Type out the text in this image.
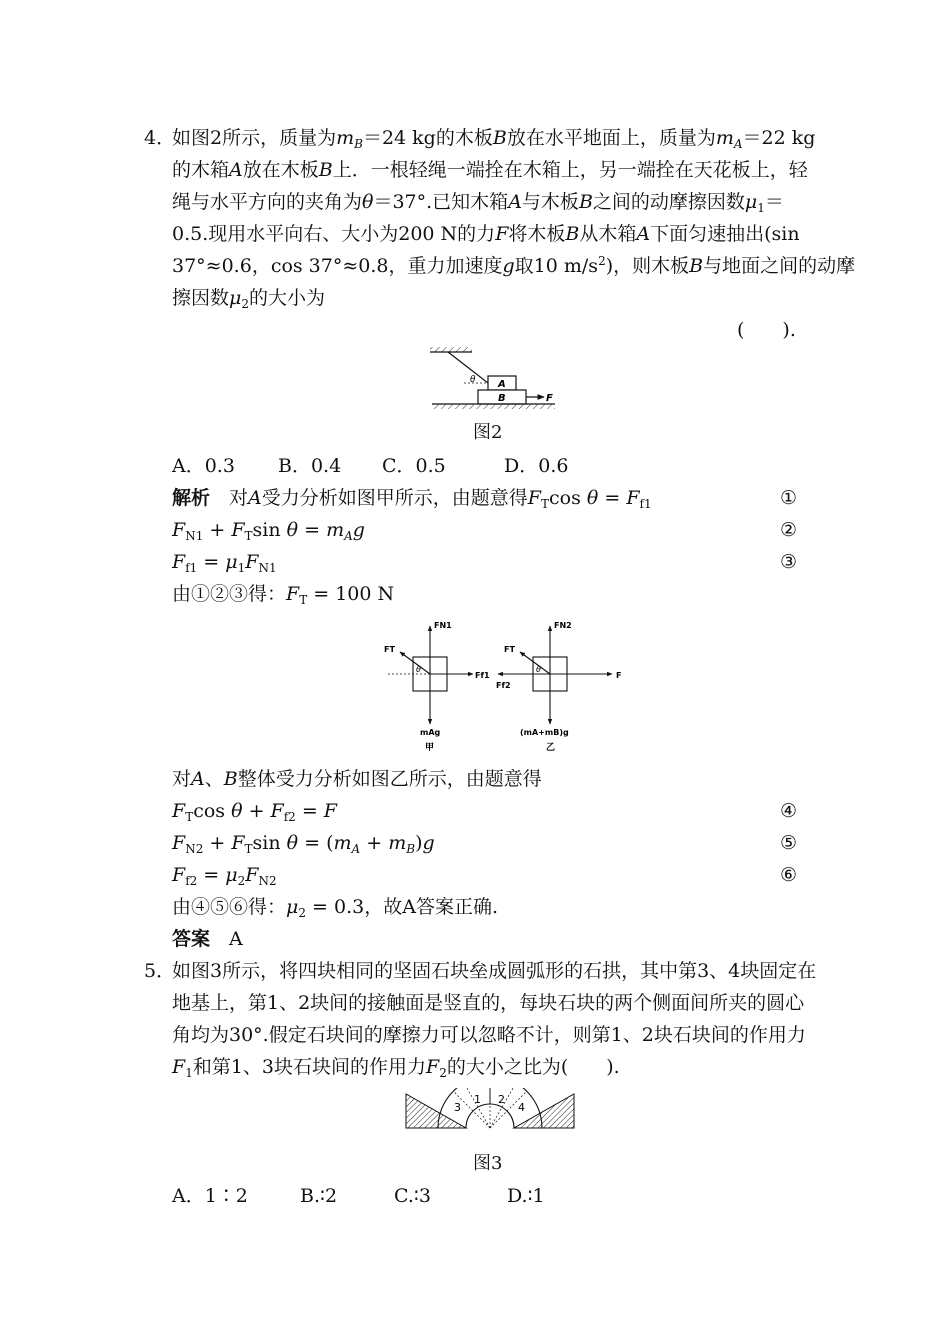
4．
如图2所示，质量为$m_B=24$ kg的木板B放在水平地面上，质量为$m_A=22$ kg
的木箱A放在木板B上．一根轻绳一端拴在木箱上，另一端拴在天花板上，轻
绳与水平方向的夹角为θ＝37°.已知木箱A与木板B之间的动摩擦因数$\mu_1=$
0.5.现用水平向右、大小为200 N的力F将木板B从木箱A下面匀速抽出(sin
37°≈0.6，cos 37°≈0.8，重力加速度g取10 $m/s^2$)，则木板B与地面之间的动摩
擦因数$\mu_2$的大小为
(　　).
θ A
B	F
图2
A．0.3 B．0.4 C．0.5	D．0.6
解析　对A受力分析如图甲所示，由题意得$F_T\cos$ $\theta = F_{f1}$	①
$F_{N1} + F_T\sin$ $\theta = m_Ag$	②
$F_{f1} = \mu_1F_{N1}$	③
由①②③得：$F_T = 100$ N
FN1
FT
θ
Ff1
mAg
甲
FN2
FT
θ
F
Ff2
(mA+mB)g
乙
对A、B整体受力分析如图乙所示，由题意得
$F_T\cos$ $\theta + F_{f2} = F$	④
$F_{N2} + F_T\sin$ $\theta = (m_A + m_B)g$	⑤
$F_{f2} = \mu_2F_{N2}$	⑥
由④⑤⑥得：$\mu_2 = 0.3$，故A答案正确.
答案　 A
5．
如图3所示，将四块相同的坚固石块垒成圆弧形的石拱，其中第3、4块固定在
地基上，第1、2块间的接触面是竖直的，每块石块的两个侧面间所夹的圆心
角均为30°.假定石块间的摩擦力可以忽略不计，则第1、2块石块间的作用力
$F_1$和第1、3块石块间的作用力$F_2$的大小之比为(　　).
3
1 2
4
图3
A．1∶2	B.∶2	C.∶3	D.∶1
